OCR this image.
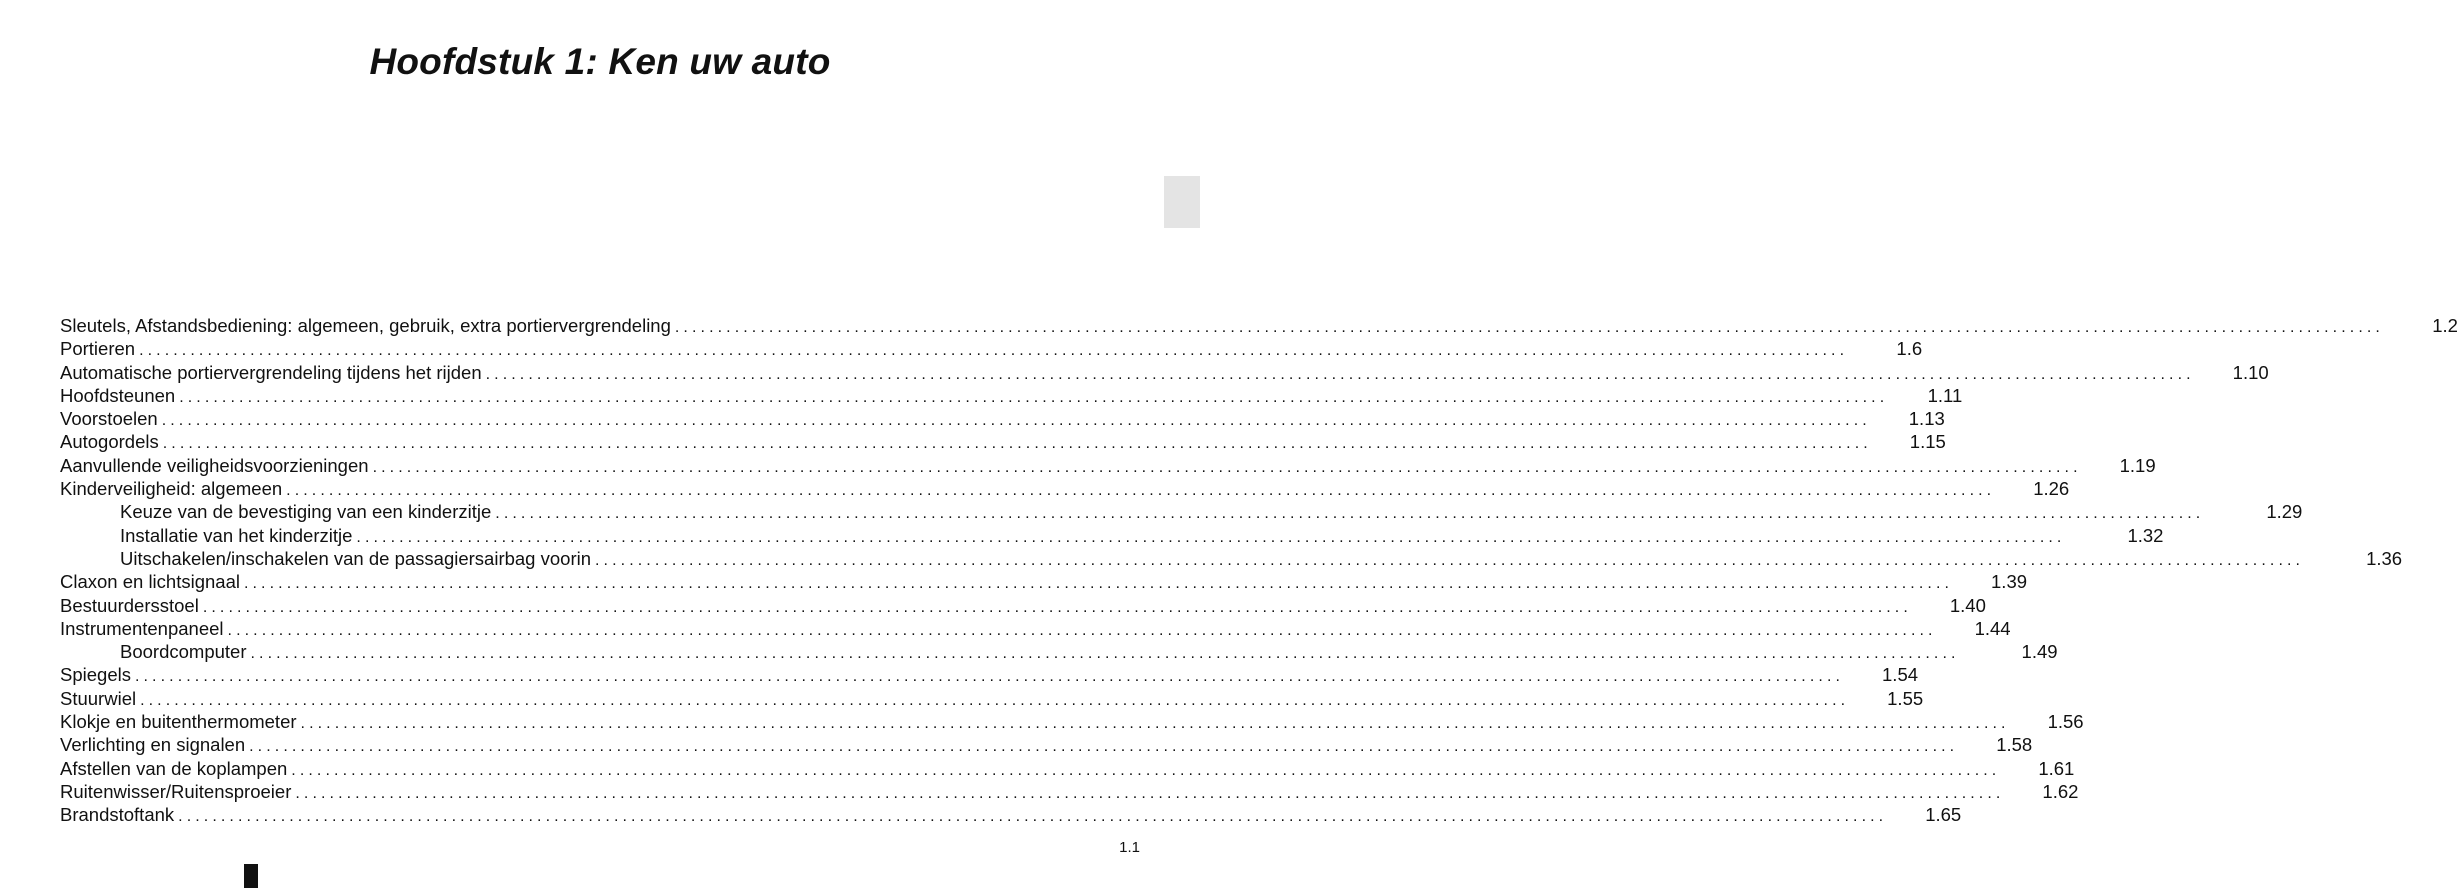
Hoofdstuk 1: Ken uw auto
Sleutels, Afstandsbediening: algemeen, gebruik, extra portiervergrendeling ........................................................................................................................................................................................................	1.2
Portieren ........................................................................................................................................................................................................	1.6
Automatische portiervergrendeling tijdens het rijden ........................................................................................................................................................................................................	1.10
Hoofdsteunen ........................................................................................................................................................................................................	1.11
Voorstoelen ........................................................................................................................................................................................................	1.13
Autogordels ........................................................................................................................................................................................................	1.15
Aanvullende veiligheidsvoorzieningen ........................................................................................................................................................................................................	1.19
Kinderveiligheid: algemeen ........................................................................................................................................................................................................	1.26
Keuze van de bevestiging van een kinderzitje ........................................................................................................................................................................................................	1.29
Installatie van het kinderzitje ........................................................................................................................................................................................................	1.32
Uitschakelen/inschakelen van de passagiersairbag voorin ........................................................................................................................................................................................................	1.36
Claxon en lichtsignaal ........................................................................................................................................................................................................	1.39
Bestuurdersstoel ........................................................................................................................................................................................................	1.40
Instrumentenpaneel ........................................................................................................................................................................................................	1.44
Boordcomputer ........................................................................................................................................................................................................	1.49
Spiegels ........................................................................................................................................................................................................	1.54
Stuurwiel ........................................................................................................................................................................................................	1.55
Klokje en buitenthermometer ........................................................................................................................................................................................................	1.56
Verlichting en signalen ........................................................................................................................................................................................................	1.58
Afstellen van de koplampen ........................................................................................................................................................................................................	1.61
Ruitenwisser/Ruitensproeier ........................................................................................................................................................................................................	1.62
Brandstoftank ........................................................................................................................................................................................................	1.65
1.1
